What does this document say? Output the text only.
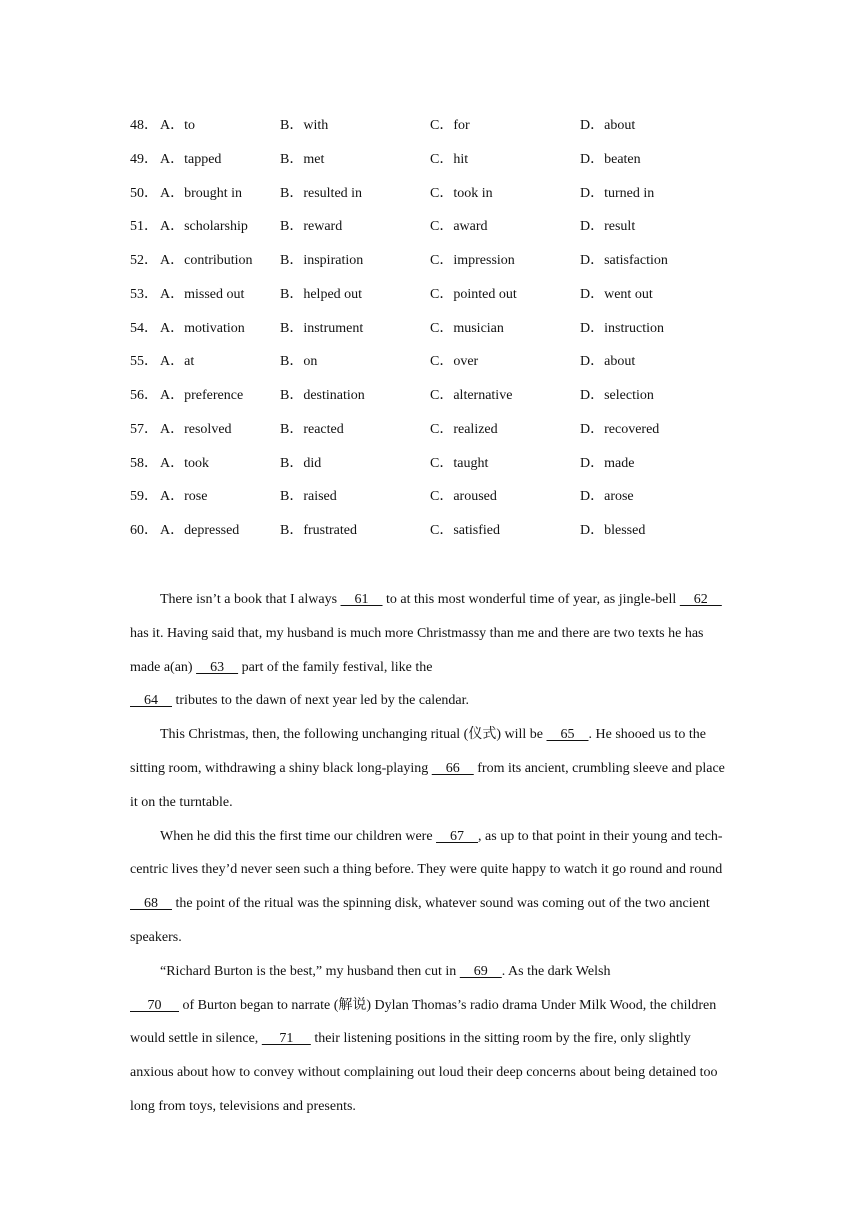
48． A．to	B．with	C．for	D．about
49． A．tapped	B．met	C．hit	D．beaten
50． A．brought in	B．resulted in	C．took in	D．turned in
51． A．scholarship B．reward	C．award	D．result
52． A．contribution B．inspiration	C．impression	D．satisfaction
53． A．missed out	B．helped out	C．pointed out	D．went out
54． A．motivation	B．instrument	C．musician	D．instruction
55． A．at	B．on	C．over	D．about
56． A．preference	B．destination	C．alternative	D．selection
57． A．resolved	B．reacted	C．realized	D．recovered
58． A．took	B．did	C．taught	D．made
59． A．rose	B．raised	C．aroused	D．arose
60． A．depressed	B．frustrated	C．satisfied	D．blessed

There isn’t a book that I always     61     to at this most wonderful time of year, as jingle-bell     62     has it. Having said that, my husband is much more Christmassy than me and there are two texts he has made a(an)     63     part of the family festival, like the
64     tributes to the dawn of next year led by the calendar.

This Christmas, then, the following unchanging ritual (仪式) will be     65    . He shooed us to the sitting room, withdrawing a shiny black long-playing     66     from its ancient, crumbling sleeve and place it on the turntable.

When he did this the first time our children were     67    , as up to that point in their young and tech-centric lives they’d never seen such a thing before. They were quite happy to watch it go round and round     68     the point of the ritual was the spinning disk, whatever sound was coming out of the two ancient speakers.

“Richard Burton is the best,” my husband then cut in     69    . As the dark Welsh
70      of Burton began to narrate (解说) Dylan Thomas’s radio drama Under Milk Wood, the children would settle in silence,      71      their listening positions in the sitting room by the fire, only slightly anxious about how to convey without complaining out loud their deep concerns about being detained too long from toys, televisions and presents.
